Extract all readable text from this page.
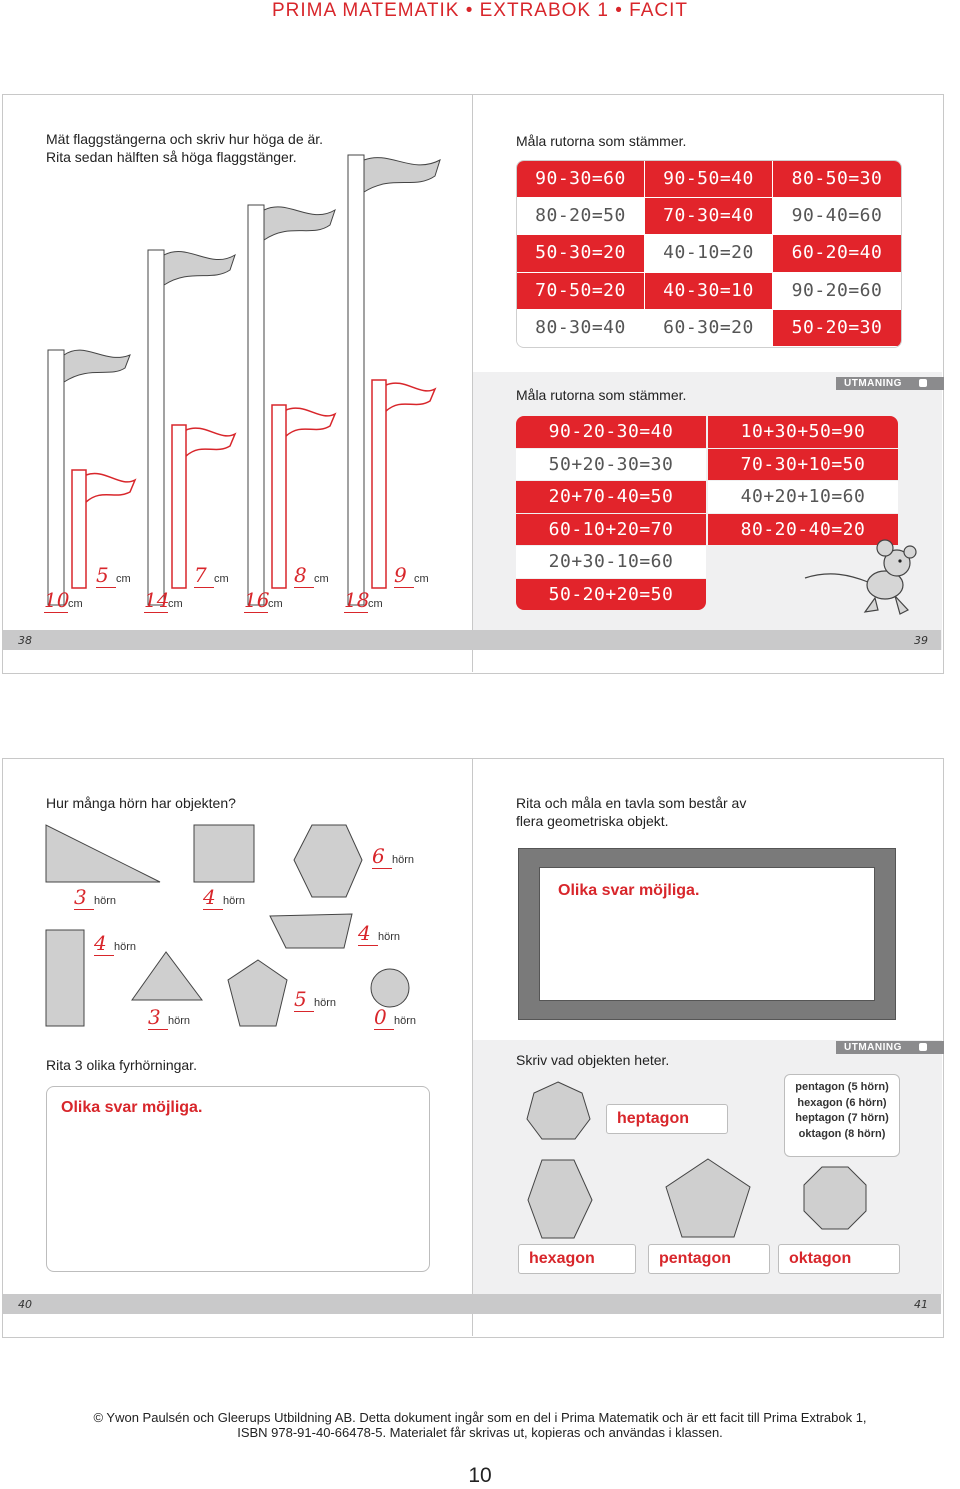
PRIMA MATEMATIK • EXTRABOK 1 • FACIT
Mät flaggstängerna och skriv hur höga de är.
Rita sedan hälften så höga flaggstänger.
10cm
5 cm
14cm
7 cm
16cm
8 cm
18cm
9 cm
Måla rutorna som stämmer.
90-30=60	90-50=40	80-50=30
80-20=50	70-30=40	90-40=60
50-30=20	40-10=20	60-20=40
70-50=20	40-30=10	90-20=60
80-30=40	60-30=20	50-20=30
Måla rutorna som stämmer.
UTMANING
90-20-30=40	10+30+50=90
50+20-30=30	70-30+10=50
20+70-40=50	40+20+10=60
60-10+20=70	80-20-40=20
20+30-10=60
50-20+20=50
38	39
Hur många hörn har objekten?
3 hörn	4 hörn
6 hörn
4 hörn
4 hörn
3 hörn
5 hörn
0 hörn
Rita 3 olika fyrhörningar.
Olika svar möjliga.
Rita och måla en tavla som består av
flera geometriska objekt.
Olika svar möjliga.
Skriv vad objekten heter.
UTMANING
pentagon (5 hörn)
hexagon (6 hörn)
heptagon (7 hörn)
oktagon (8 hörn)
heptagon
hexagon	pentagon	oktagon
40	41
© Ywon Paulsén och Gleerups Utbildning AB. Detta dokument ingår som en del i Prima Matematik och är ett facit till Prima Extrabok 1,
ISBN 978-91-40-66478-5. Materialet får skrivas ut, kopieras och användas i klassen.
10
